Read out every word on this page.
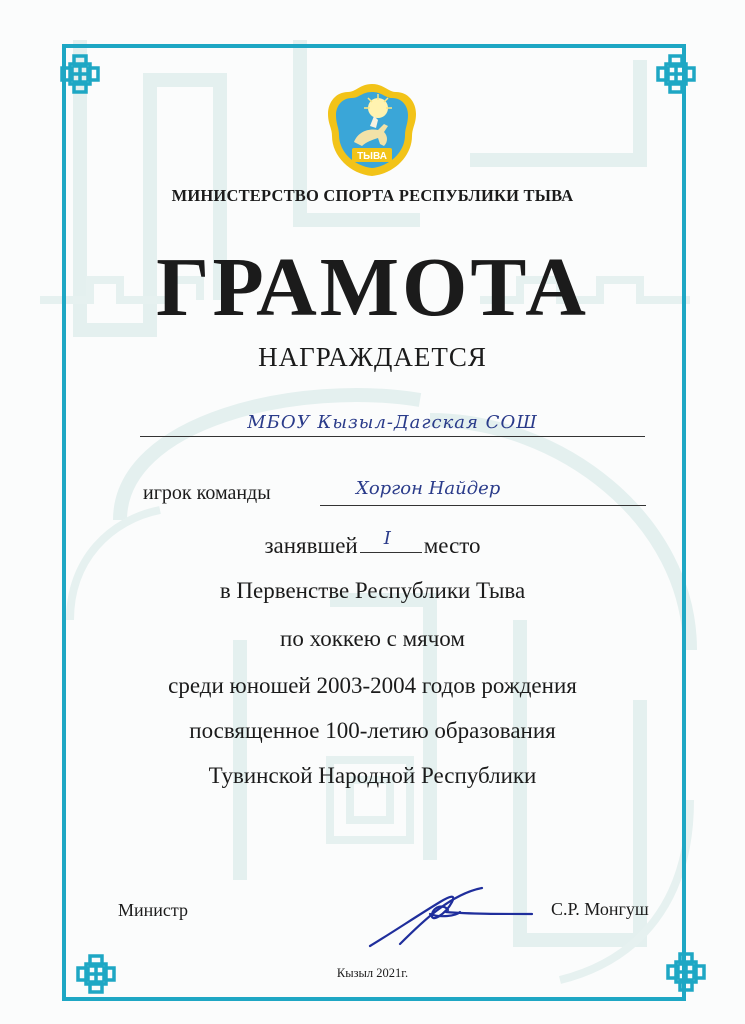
ТЫВА
МИНИСТЕРСТВО СПОРТА РЕСПУБЛИКИ ТЫВА
ГРАМОТА
НАГРАЖДАЕТСЯ
МБОУ Кызыл-Дагская СОШ
игрок команды	Хоргон Найдер
занявшей I место
в Первенстве Республики Тыва
по хоккею с мячом
среди юношей 2003-2004 годов рождения
посвященное 100-летию образования
Тувинской Народной Республики
Министр	С.Р. Монгуш
Кызыл 2021г.
